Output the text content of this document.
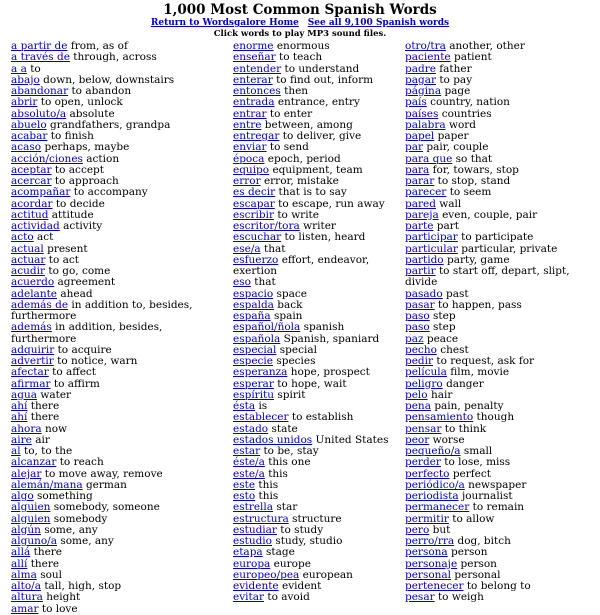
1,000 Most Common Spanish Words
Return to Wordsgalore Home See all 9,100 Spanish words
Click words to play MP3 sound files.
a partir de from, as of
a través de through, across
a a to
abajo down, below, downstairs
abandonar to abandon
abrir to open, unlock
absoluto/a absolute
abuelo grandfathers, grandpa
acabar to finish
acaso perhaps, maybe
acción/ciones action
aceptar to accept
acercar to approach
acompañar to accompany
acordar to decide
actitud attitude
actividad activity
acto act
actual present
actuar to act
acudir to go, come
acuerdo agreement
adelante ahead
además de in addition to, besides, furthermore
además in addition, besides, furthermore
adquirir to acquire
advertir to notice, warn
afectar to affect
afirmar to affirm
agua water
ahí there
ahí there
ahora now
aire air
al to, to the
alcanzar to reach
alejar to move away, remove
alemán/mana german
algo something
alguien somebody, someone
alguien somebody
algún some, any
alguno/a some, any
allá there
allí there
alma soul
alto/a tall, high, stop
altura height
amar to love
enorme enormous
enseñar to teach
entender to understand
enterar to find out, inform
entonces then
entrada entrance, entry
entrar to enter
entre between, among
entregar to deliver, give
enviar to send
época epoch, period
equipo equipment, team
error error, mistake
es decir that is to say
escapar to escape, run away
escribir to write
escritor/tora writer
escuchar to listen, heard
ese/a that
esfuerzo effort, endeavor, exertion
eso that
espacio space
espalda back
españa spain
español/ñola spanish
española Spanish, spaniard
especial special
especie species
esperanza hope, prospect
esperar to hope, wait
espíritu spirit
ésta is
establecer to establish
estado state
estados unidos United States
estar to be, stay
éste/a this one
este/a this
este this
esto this
estrella star
estructura structure
estudiar to study
estudio study, studio
etapa stage
europa europe
europeo/pea european
evidente evident
evitar to avoid
otro/tra another, other
paciente patient
padre father
pagar to pay
página page
país country, nation
países countries
palabra word
papel paper
par pair, couple
para que so that
para for, towars, stop
parar to stop, stand
parecer to seem
pared wall
pareja even, couple, pair
parte part
participar to participate
particular particular, private
partido party, game
partir to start off, depart, slipt, divide
pasado past
pasar to happen, pass
paso step
paso step
paz peace
pecho chest
pedir to request, ask for
película film, movie
peligro danger
pelo hair
pena pain, penalty
pensamiento though
pensar to think
peor worse
pequeño/a small
perder to lose, miss
perfecto perfect
periódico/a newspaper
periodista journalist
permanecer to remain
permitir to allow
pero but
perro/rra dog, bitch
persona person
personaje person
personal personal
pertenecer to belong to
pesar to weigh
